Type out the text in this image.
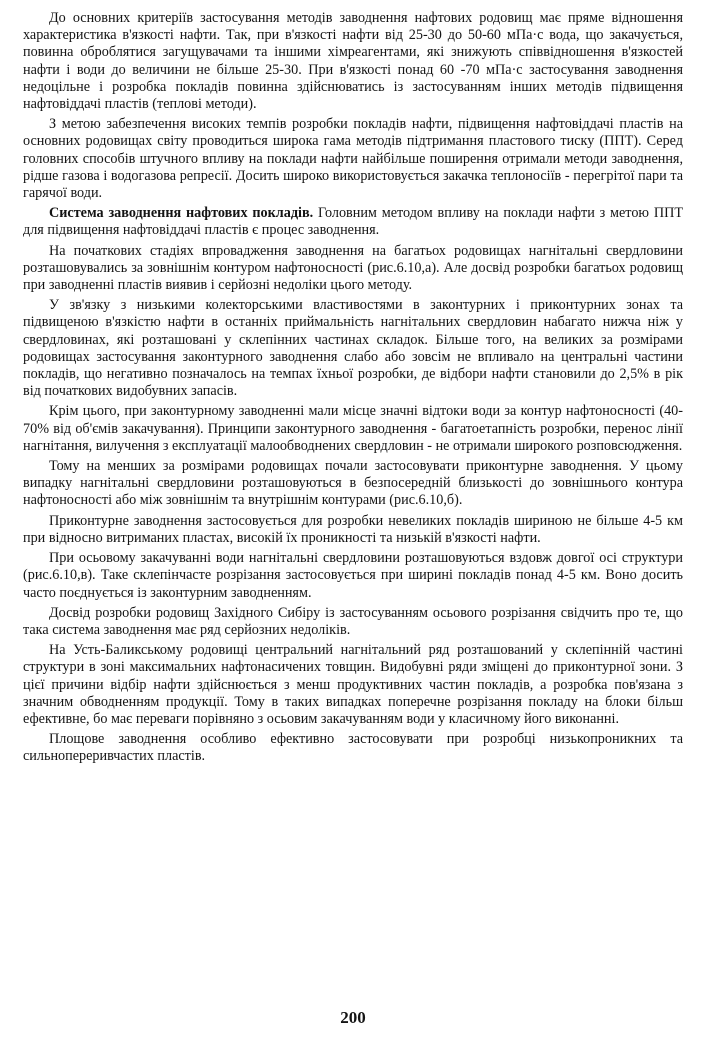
До основних критеріїв застосування методів заводнення нафтових родовищ має пряме відношення характеристика в'язкості нафти. Так, при в'язкості нафти від 25-30 до 50-60 мПа·с вода, що закачується, повинна оброблятися загущувачами та іншими хімреагентами, які знижують співвідношення в'язкостей нафти і води до величини не більше 25-30. При в'язкості понад 60 -70 мПа·с застосування заводнення недоцільне і розробка покладів повинна здійснюватись із застосуванням інших методів підвищення нафтовіддачі пластів (теплові методи).

З метою забезпечення високих темпів розробки покладів нафти, підвищення нафтовіддачі пластів на основних родовищах світу проводиться широка гама методів підтримання пластового тиску (ППТ). Серед головних способів штучного впливу на поклади нафти найбільше поширення отримали методи заводнення, рідше газова і водогазова репресії. Досить широко використовується закачка теплоносіїв - перегрітої пари та гарячої води.

Система заводнення нафтових покладів. Головним методом впливу на поклади нафти з метою ППТ для підвищення нафтовіддачі пластів є процес заводнення.

На початкових стадіях впровадження заводнення на багатьох родовищах нагнітальні свердловини розташовувались за зовнішнім контуром нафтоносності (рис.6.10,а). Але досвід розробки багатьох родовищ при заводненні пластів виявив і серйозні недоліки цього методу.

У зв'язку з низькими колекторськими властивостями в законтурних і приконтурних зонах та підвищеною в'язкістю нафти в останніх приймальність нагнітальних свердловин набагато нижча ніж у свердловинах, які розташовані у склепінних частинах складок. Більше того, на великих за розмірами родовищах застосування законтурного заводнення слабо або зовсім не впливало на центральні частини покладів, що негативно позначалось на темпах їхньої розробки, де відбори нафти становили до 2,5% в рік від початкових видобувних запасів.

Крім цього, при законтурному заводненні мали місце значні відтоки води за контур нафтоносності (40-70% від об'ємів закачування). Принципи законтурного заводнення - багатоетапність розробки, перенос лінії нагнітання, вилучення з експлуатації малообводнених свердловин - не отримали широкого розповсюдження.

Тому на менших за розмірами родовищах почали застосовувати приконтурне заводнення. У цьому випадку нагнітальні свердловини розташовуються в безпосередній близькості до зовнішнього контура нафтоносності або між зовнішнім та внутрішнім контурами (рис.6.10,б).

Приконтурне заводнення застосовується для розробки невеликих покладів шириною не більше 4-5 км при відносно витриманих пластах, високій їх проникності та низькій в'язкості нафти.

При осьовому закачуванні води нагнітальні свердловини розташовуються вздовж довгої осі структури (рис.6.10,в). Таке склепінчасте розрізання застосовується при ширині покладів понад 4-5 км. Воно досить часто поєднується із законтурним заводненням.

Досвід розробки родовищ Західного Сибіру із застосуванням осьового розрізання свідчить про те, що така система заводнення має ряд серйозних недоліків.

На Усть-Баликському родовищі центральний нагнітальний ряд розташований у склепінній частині структури в зоні максимальних нафтонасичених товщин. Видобувні ряди зміщені до приконтурної зони. З цієї причини відбір нафти здійснюється з менш продуктивних частин покладів, а розробка пов'язана з значним обводненням продукції. Тому в таких випадках поперечне розрізання покладу на блоки більш ефективне, бо має переваги порівняно з осьовим закачуванням води у класичному його виконанні.

Площове заводнення особливо ефективно застосовувати при розробці низькопроникних та сильнопереривчастих пластів.

200
